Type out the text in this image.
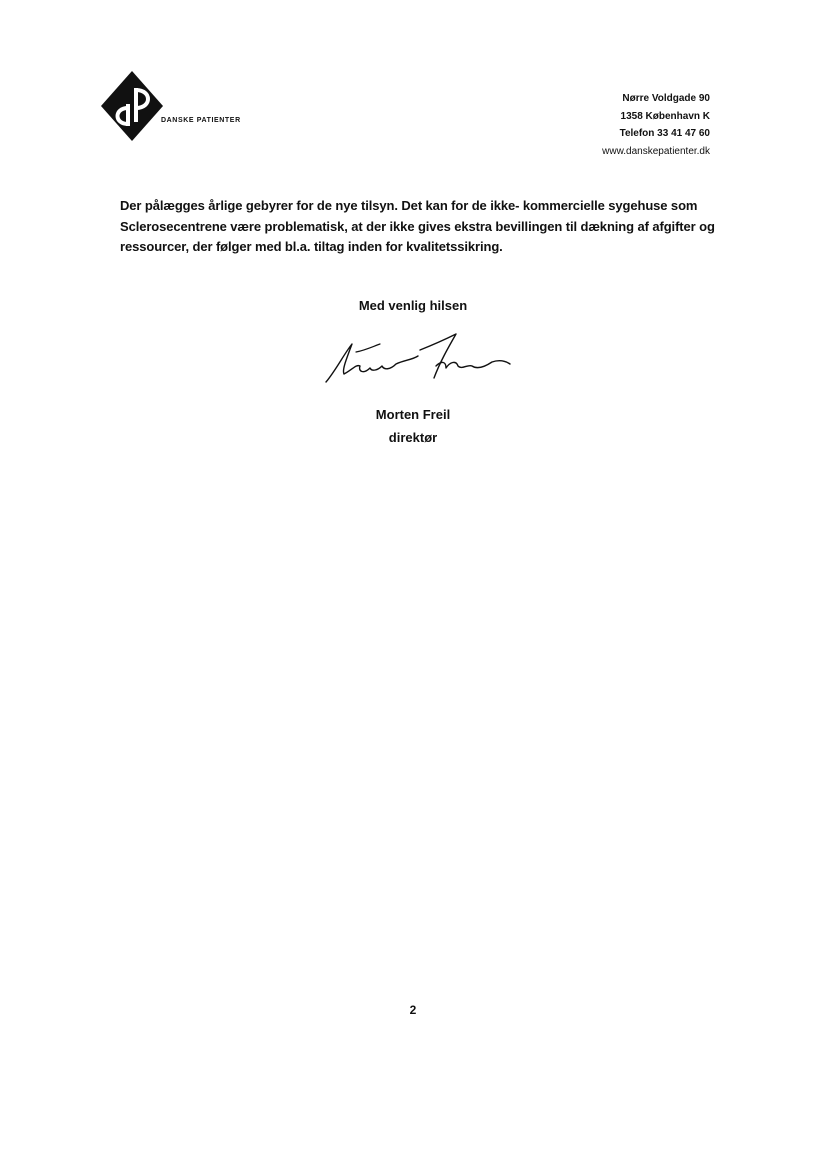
DANSKE PATIENTER
Nørre Voldgade 90
1358 København K
Telefon 33 41 47 60
www.danskepatienter.dk

Der pålægges årlige gebyrer for de nye tilsyn. Det kan for de ikke- kommercielle sygehuse som

Sclerosecentrene være problematisk, at der ikke gives ekstra bevillingen til dækning af afgifter og

ressourcer, der følger med bl.a. tiltag inden for kvalitetssikring.

Med venlig hilsen
Morten Freil
direktør
2
